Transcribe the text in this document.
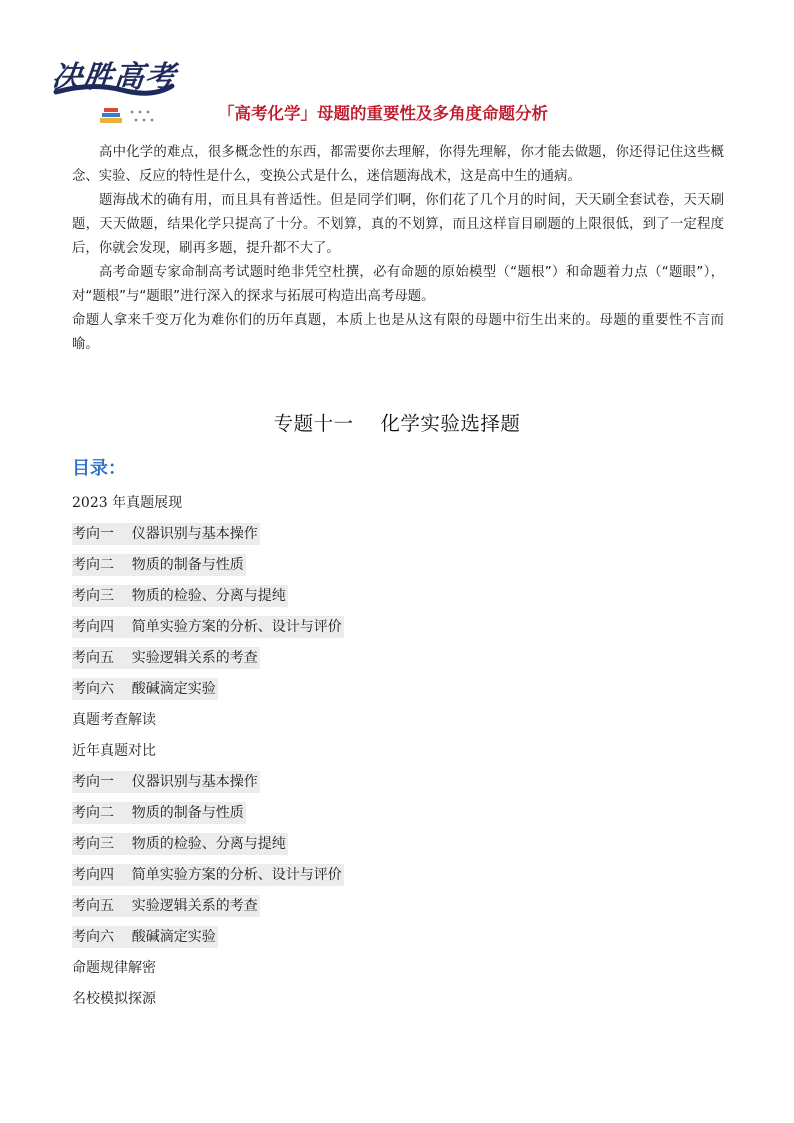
决胜高考
「高考化学」母题的重要性及多角度命题分析

高中化学的难点，很多概念性的东西，都需要你去理解，你得先理解，你才能去做题，你还得记住这些概念、实验、反应的特性是什么，变换公式是什么，迷信题海战术，这是高中生的通病。

题海战术的确有用，而且具有普适性。但是同学们啊，你们花了几个月的时间，天天刷全套试卷，天天刷题，天天做题，结果化学只提高了十分。不划算，真的不划算，而且这样盲目刷题的上限很低，到了一定程度后，你就会发现，刷再多题，提升都不大了。

高考命题专家命制高考试题时绝非凭空杜撰，必有命题的原始模型（“题根”）和命题着力点（“题眼”），对“题根”与“题眼”进行深入的探求与拓展可构造出高考母题。

命题人拿来千变万化为难你们的历年真题，本质上也是从这有限的母题中衍生出来的。母题的重要性不言而喻。

专题十一    化学实验选择题
目录：
2023 年真题展现
考向一    仪器识别与基本操作
考向二    物质的制备与性质
考向三    物质的检验、分离与提纯
考向四    简单实验方案的分析、设计与评价
考向五    实验逻辑关系的考查
考向六    酸碱滴定实验
真题考查解读
近年真题对比
考向一    仪器识别与基本操作
考向二    物质的制备与性质
考向三    物质的检验、分离与提纯
考向四    简单实验方案的分析、设计与评价
考向五    实验逻辑关系的考查
考向六    酸碱滴定实验
命题规律解密
名校模拟探源
